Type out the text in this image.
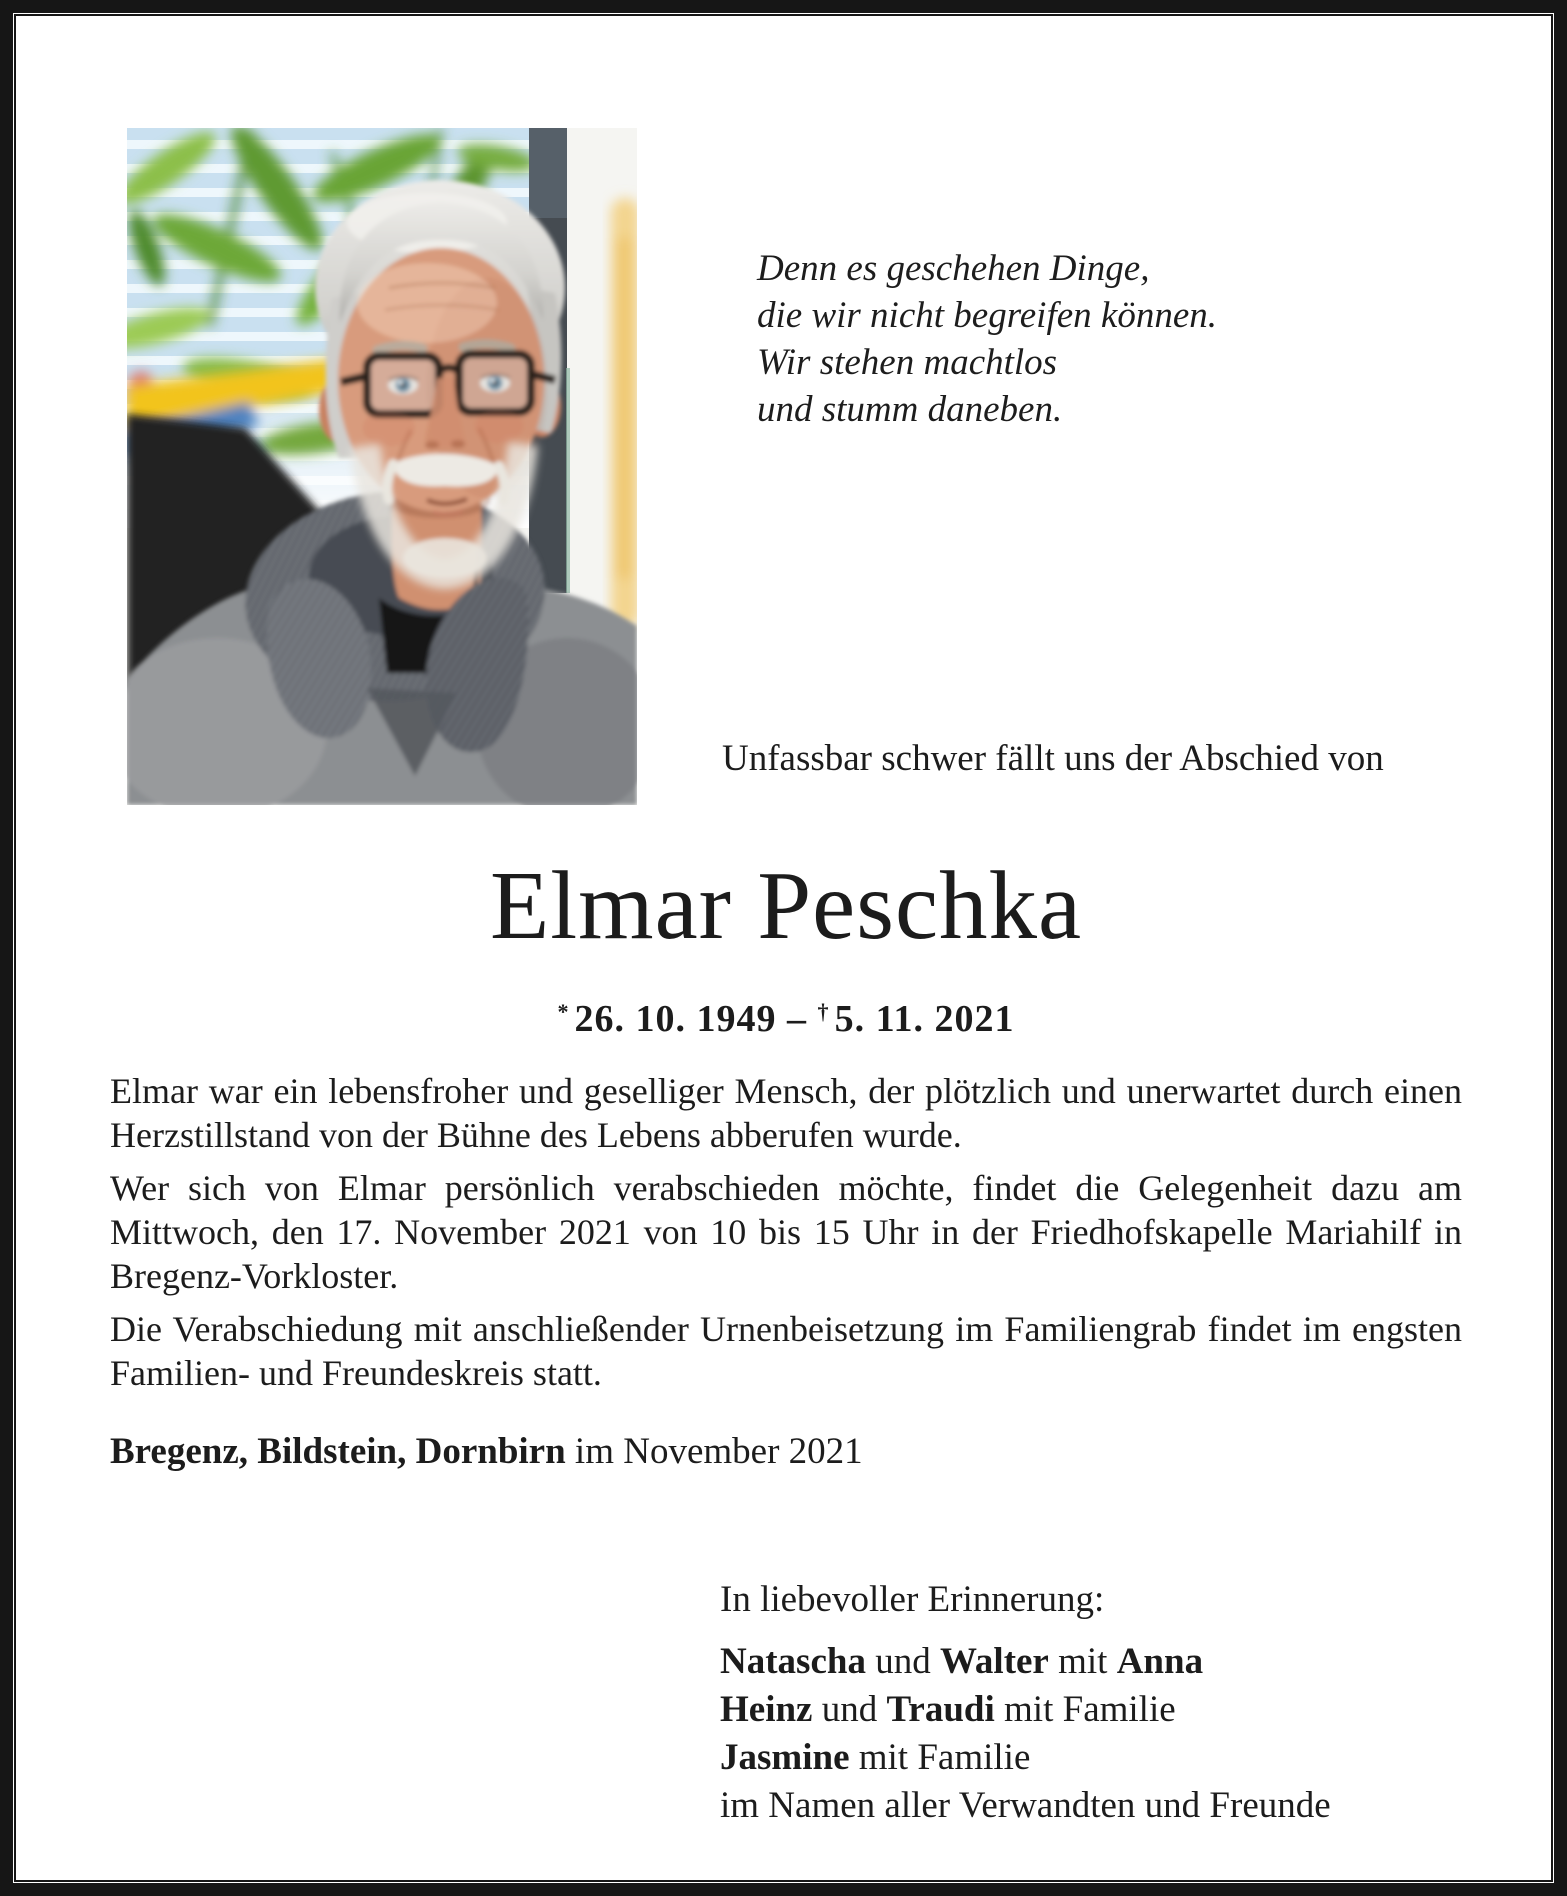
Denn es geschehen Dinge,
die wir nicht begreifen können.
Wir stehen machtlos
und stumm daneben.
Unfassbar schwer fällt uns der Abschied von
Elmar Peschka
* 26. 10. 1949 – † 5. 11. 2021

Elmar war ein lebensfroher und geselliger Mensch, der plötzlich und unerwartet durch einen Herzstillstand von der Bühne des Lebens abberufen wurde.

Wer sich von Elmar persönlich verabschieden möchte, findet die Gelegenheit dazu am Mittwoch, den 17. November 2021 von 10 bis 15 Uhr in der Friedhofskapelle Mariahilf in Bregenz-Vorkloster.

Die Verabschiedung mit anschließender Urnenbeisetzung im Familiengrab findet im engsten Familien- und Freundeskreis statt.

Bregenz, Bildstein, Dornbirn im November 2021
In liebevoller Erinnerung:
Natascha und Walter mit Anna
Heinz und Traudi mit Familie
Jasmine mit Familie
im Namen aller Verwandten und Freunde
